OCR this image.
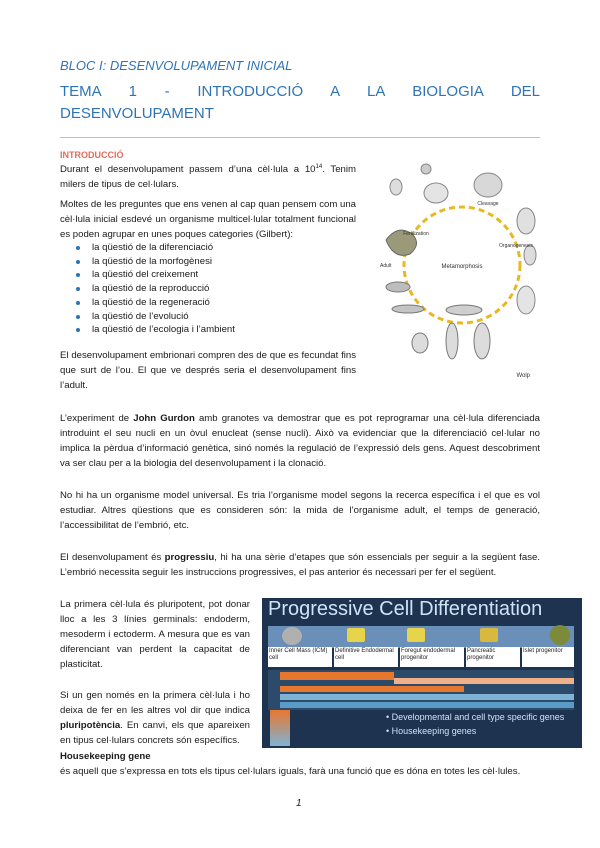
BLOC I: DESENVOLUPAMENT INICIAL
TEMA 1 - INTRODUCCIÓ A LA BIOLOGIA DEL
DESENVOLUPAMENT
INTRODUCCIÓ
Durant el desenvolupament passem d’una cèl·lula a $10^{14}$. Tenim milers de tipus de cel·lulars.
Moltes de les preguntes que ens venen al cap quan pensem com una cèl·lula inicial esdevé un organisme multicel·lular totalment funcional es poden agrupar en unes poques categories (Gilbert):
la qüestió de la diferenciació
la qüestió de la morfogènesi
la qüestió del creixement
la qüestió de la reproducció
la qüestió de la regeneració
la qüestió de l’evolució
la qüestió de l’ecologia i l’ambient
El desenvolupament embrionari compren des de que es fecundat fins que surt de l’ou. El que ve després seria el desenvolupament fins l’adult.
Metamorphosis
Cleavage
Fertilization
Organogenesis
Adult
Wolp
L’experiment de John Gurdon amb granotes va demostrar que es pot reprogramar una cèl·lula diferenciada introduint el seu nucli en un òvul enucleat (sense nucli). Això va evidenciar que la diferenciació cel·lular no implica la pèrdua d’informació genètica, sinó només la regulació de l’expressió dels gens. Aquest descobriment va ser clau per a la biologia del desenvolupament i la clonació.
No hi ha un organisme model universal. Es tria l’organisme model segons la recerca específica i el que es vol estudiar. Altres qüestions que es consideren són: la mida de l’organisme adult, el temps de generació, l’accessibilitat de l’embrió, etc.
El desenvolupament és progressiu, hi ha una sèrie d’etapes que són essencials per seguir a la següent fase. L’embrió necessita seguir les instruccions progressives, el pas anterior és necessari per fer el següent.
La primera cèl·lula és pluripotent, pot donar lloc a les 3 línies germinals: endoderm, mesoderm i ectoderm. A mesura que es van diferenciant van perdent la capacitat de plasticitat.
Si un gen només en la primera cèl·lula i ho deixa de fer en les altres vol dir que indica pluripotència. En canvi, els que apareixen en tipus cel·lulars concrets són específics.
Housekeeping gene
és aquell que s’expressa en tots els tipus cel·lulars iguals, farà una funció que es dóna en totes les cèl·lules.
Progressive Cell Differentiation
Inner Cell Mass (ICM) cell
Definitive Endodermal cell
Foregut endodermal progenitor
Pancreatic progenitor
Islet progenitor
• Developmental and cell type specific genes
• Housekeeping genes
1
